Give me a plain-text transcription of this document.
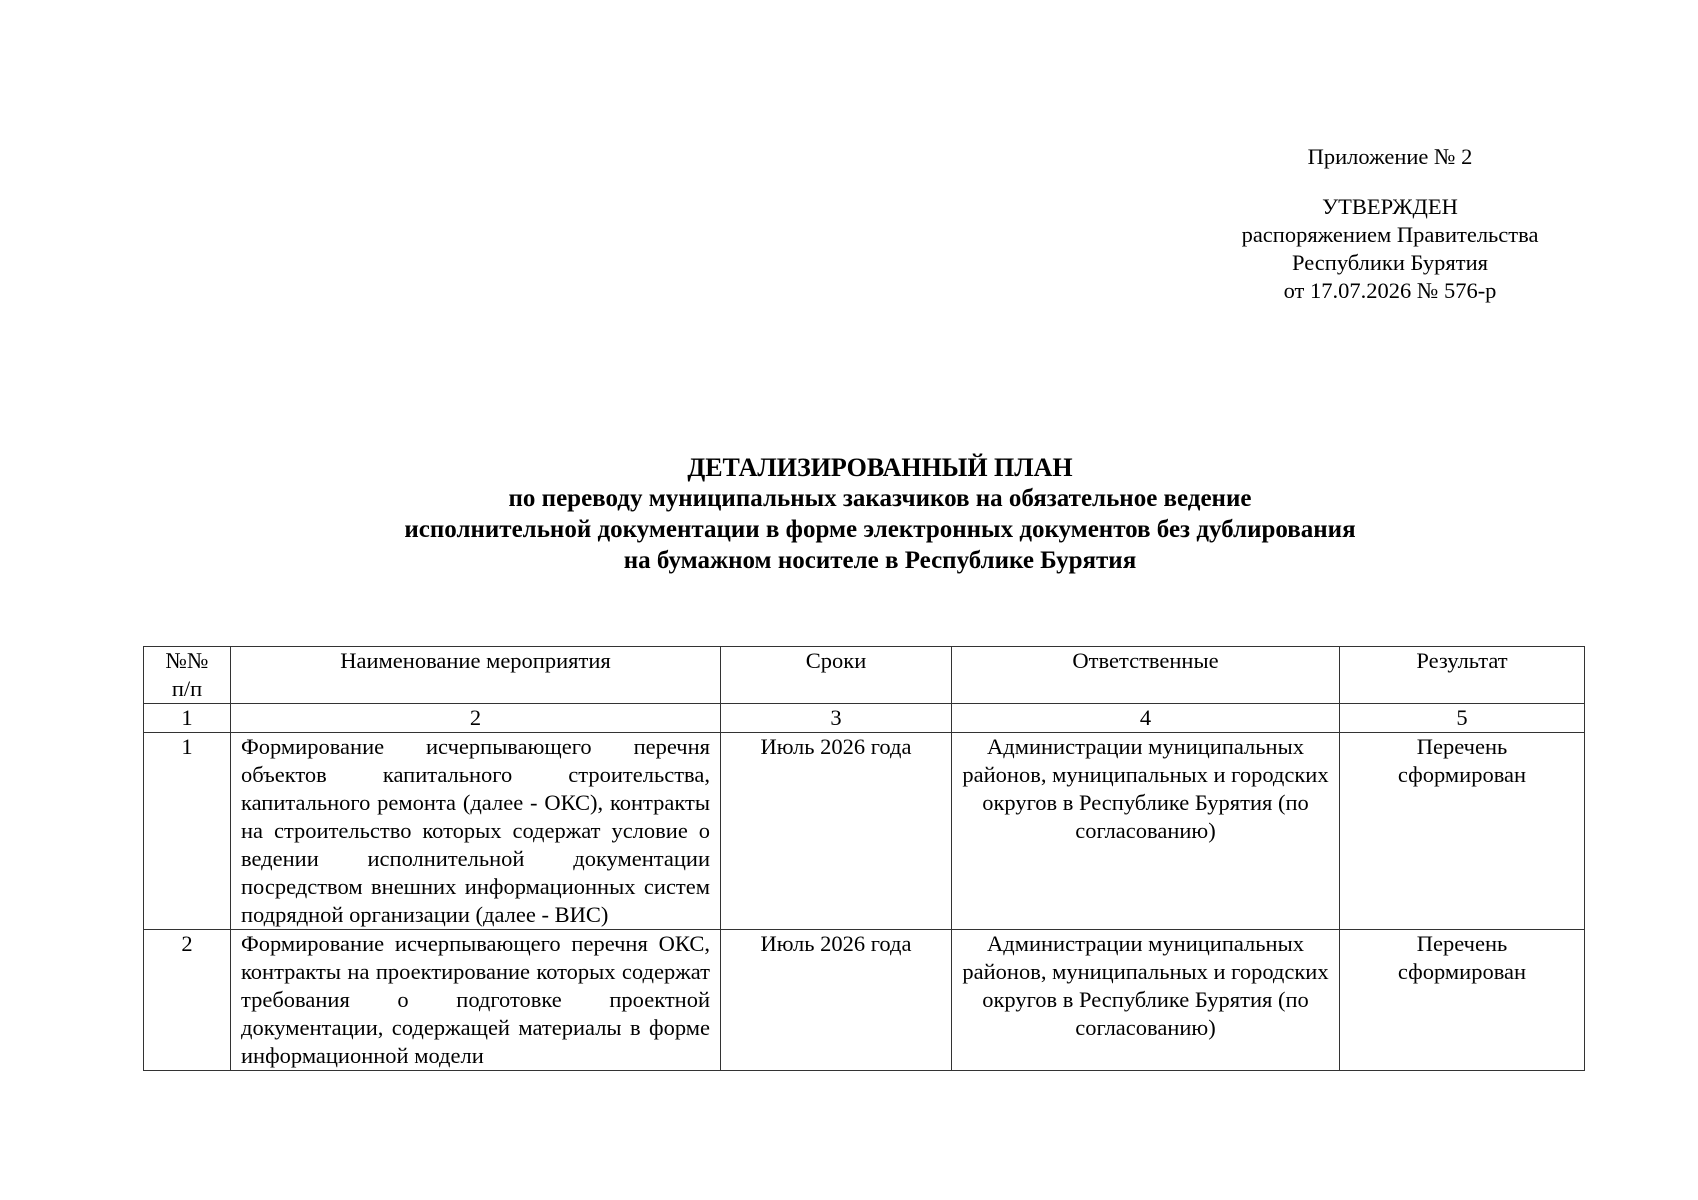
Приложение № 2
УТВЕРЖДЕН
распоряжением Правительства
Республики Бурятия
от 17.07.2026 № 576-р
ДЕТАЛИЗИРОВАННЫЙ ПЛАН
по переводу муниципальных заказчиков на обязательное ведение
исполнительной документации в форме электронных документов без дублирования
на бумажном носителе в Республике Бурятия
№№ п/п	Наименование мероприятия	Сроки	Ответственные	Результат
1	2	3	4	5
1	Формирование исчерпывающего перечня объектов капитального строительства, капитального ремонта (далее - ОКС), контракты на строительство которых содержат условие о ведении исполнительной документации посредством внешних информационных систем подрядной организации (далее - ВИС)	Июль 2026 года	Администрации муниципальных районов, муниципальных и городских округов в Республике Бурятия (по согласованию)	Перечень сформирован
2	Формирование исчерпывающего перечня ОКС, контракты на проектирование которых содержат требования о подготовке проектной документации, содержащей материалы в форме информационной модели	Июль 2026 года	Администрации муниципальных районов, муниципальных и городских округов в Республике Бурятия (по согласованию)	Перечень сформирован
